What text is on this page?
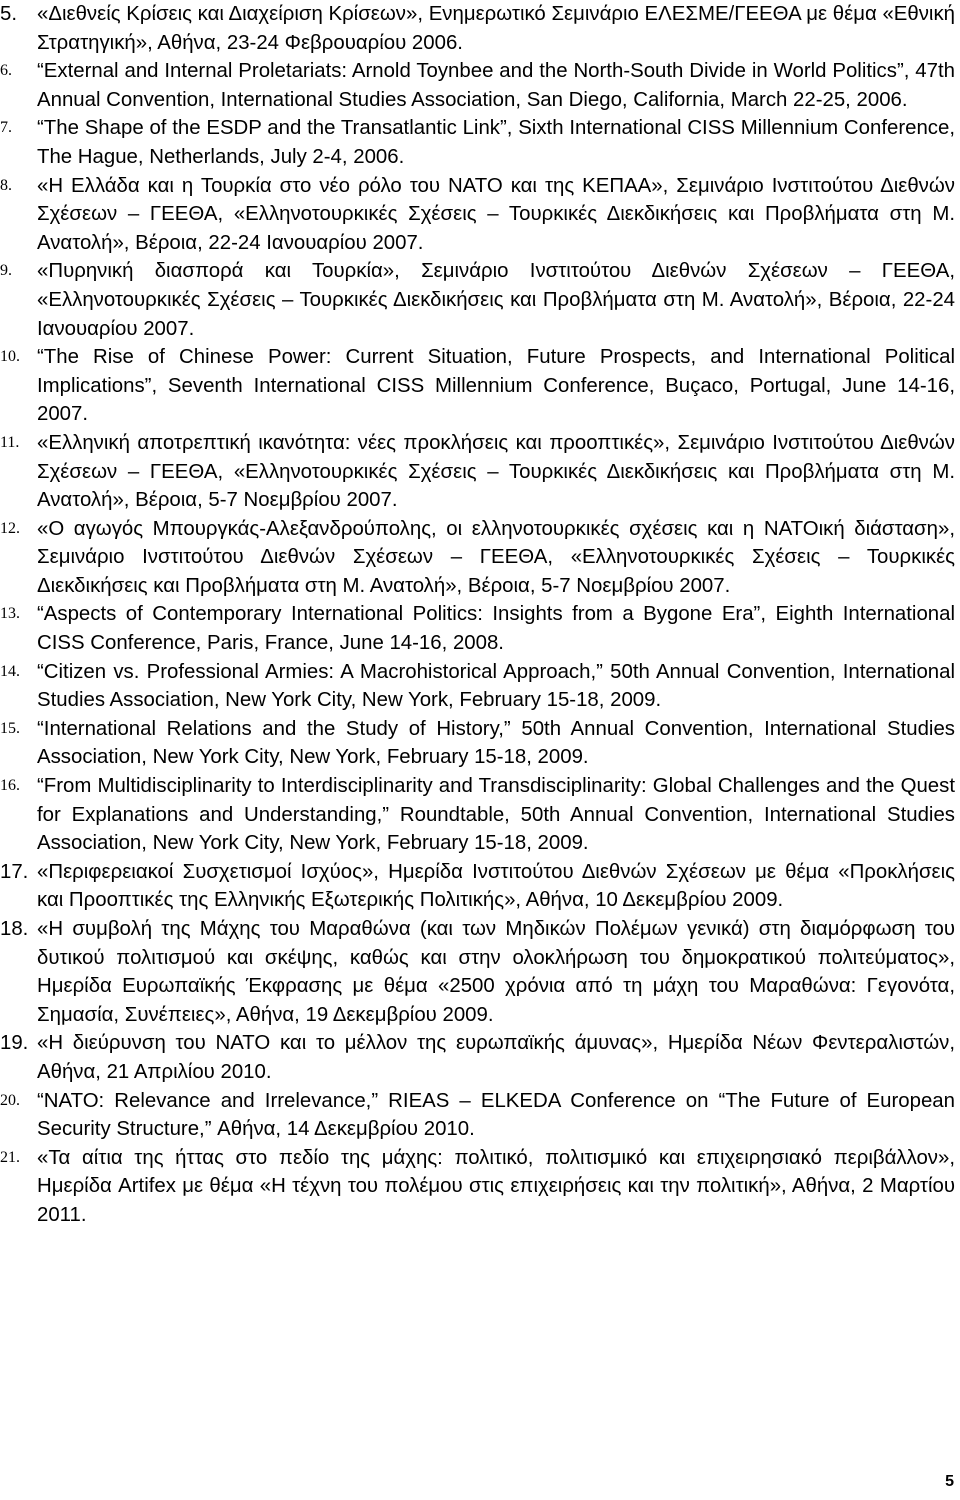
5. «Διεθνείς Κρίσεις και Διαχείριση Κρίσεων», Ενημερωτικό Σεμινάριο ΕΛΕΣΜΕ/ΓΕΕΘΑ με θέμα «Εθνική Στρατηγική», Αθήνα, 23-24 Φεβρουαρίου 2006.
6.	“External and Internal Proletariats: Arnold Toynbee and the North-South Divide in World Politics”, 47th Annual Convention, International Studies Association, San Diego, California, March 22-25, 2006.
7.	“The Shape of the ESDP and the Transatlantic Link”, Sixth International CISS Millennium Conference, The Hague, Netherlands, July 2-4, 2006.
8.	«Η Ελλάδα και η Τουρκία στο νέο ρόλο του ΝΑΤΟ και της ΚΕΠΑΑ», Σεμινάριο Ινστιτούτου Διεθνών Σχέσεων – ΓΕΕΘΑ, «Ελληνοτουρκικές Σχέσεις – Τουρκικές Διεκδικήσεις και Προβλήματα στη Μ. Ανατολή», Βέροια, 22-24 Ιανουαρίου 2007.
9.	«Πυρηνική διασπορά και Τουρκία», Σεμινάριο Ινστιτούτου Διεθνών Σχέσεων – ΓΕΕΘΑ, «Ελληνοτουρκικές Σχέσεις – Τουρκικές Διεκδικήσεις και Προβλήματα στη Μ. Ανατολή», Βέροια, 22-24 Ιανουαρίου 2007.
10. “The Rise of Chinese Power: Current Situation, Future Prospects, and International Political Implications”, Seventh International CISS Millennium Conference, Buçaco, Portugal, June 14-16, 2007.
11. «Ελληνική αποτρεπτική ικανότητα: νέες προκλήσεις και προοπτικές», Σεμινάριο Ινστιτούτου Διεθνών Σχέσεων – ΓΕΕΘΑ, «Ελληνοτουρκικές Σχέσεις – Τουρκικές Διεκδικήσεις και Προβλήματα στη Μ. Ανατολή», Βέροια, 5-7 Νοεμβρίου 2007.
12. «Ο αγωγός Μπουργκάς-Αλεξανδρούπολης, οι ελληνοτουρκικές σχέσεις και η ΝΑΤΟική διάσταση», Σεμινάριο Ινστιτούτου Διεθνών Σχέσεων – ΓΕΕΘΑ, «Ελληνοτουρκικές Σχέσεις – Τουρκικές Διεκδικήσεις και Προβλήματα στη Μ. Ανατολή», Βέροια, 5-7 Νοεμβρίου 2007.
13. “Aspects of Contemporary International Politics: Insights from a Bygone Era”, Eighth International CISS Conference, Paris, France, June 14-16, 2008.
14. “Citizen vs. Professional Armies: A Macrohistorical Approach,” 50th Annual Convention, International Studies Association, New York City, New York, February 15-18, 2009.
15. “International Relations and the Study of History,” 50th Annual Convention, International Studies Association, New York City, New York, February 15-18, 2009.
16. “From Multidisciplinarity to Interdisciplinarity and Transdisciplinarity: Global Challenges and the Quest for Explanations and Understanding,” Roundtable, 50th Annual Convention, International Studies Association, New York City, New York, February 15-18, 2009.
17. «Περιφερειακοί Συσχετισμοί Ισχύος», Ημερίδα Ινστιτούτου Διεθνών Σχέσεων με θέμα «Προκλήσεις και Προοπτικές της Ελληνικής Εξωτερικής Πολιτικής», Αθήνα, 10 Δεκεμβρίου 2009.
18. «Η συμβολή της Μάχης του Μαραθώνα (και των Μηδικών Πολέμων γενικά) στη διαμόρφωση του δυτικού πολιτισμού και σκέψης, καθώς και στην ολοκλήρωση του δημοκρατικού πολιτεύματος», Ημερίδα Ευρωπαϊκής Έκφρασης με θέμα «2500 χρόνια από τη μάχη του Μαραθώνα: Γεγονότα, Σημασία, Συνέπειες», Αθήνα, 19 Δεκεμβρίου 2009.
19. «Η διεύρυνση του ΝΑΤΟ και το μέλλον της ευρωπαϊκής άμυνας», Ημερίδα Νέων Φεντεραλιστών, Αθήνα, 21 Απριλίου 2010.
20. “NATO: Relevance and Irrelevance,” RIEAS – ELKEDA Conference on “The Future of European Security Structure,” Αθήνα, 14 Δεκεμβρίου 2010.
21. «Τα αίτια της ήττας στο πεδίο της μάχης: πολιτικό, πολιτισμικό και επιχειρησιακό περιβάλλον», Ημερίδα Artifex με θέμα «Η τέχνη του πολέμου στις επιχειρήσεις και την πολιτική», Αθήνα, 2 Μαρτίου 2011.
5
